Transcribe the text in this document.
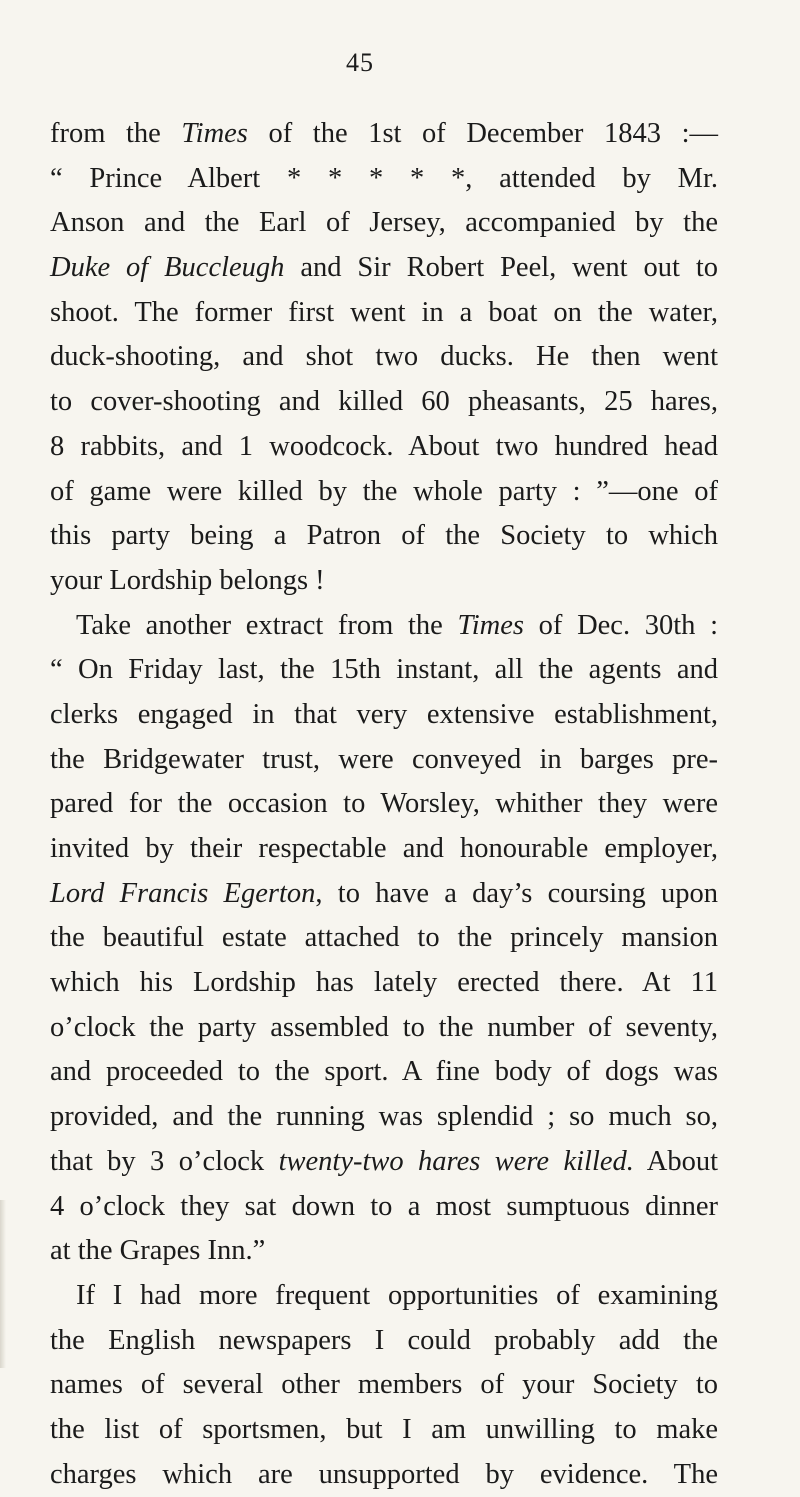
45
from the Times of the 1st of December 1843 :—
“ Prince Albert * * * * *, attended by Mr.
Anson and the Earl of Jersey, accompanied by the
Duke of Buccleugh and Sir Robert Peel, went out to
shoot. The former first went in a boat on the water,
duck-shooting, and shot two ducks. He then went
to cover-shooting and killed 60 pheasants, 25 hares,
8 rabbits, and 1 woodcock. About two hundred head
of game were killed by the whole party : ”—one of
this party being a Patron of the Society to which
your Lordship belongs !
Take another extract from the Times of Dec. 30th :
“ On Friday last, the 15th instant, all the agents and
clerks engaged in that very extensive establishment,
the Bridgewater trust, were conveyed in barges pre-
pared for the occasion to Worsley, whither they were
invited by their respectable and honourable employer,
Lord Francis Egerton, to have a day’s coursing upon
the beautiful estate attached to the princely mansion
which his Lordship has lately erected there. At 11
o’clock the party assembled to the number of seventy,
and proceeded to the sport. A fine body of dogs was
provided, and the running was splendid ; so much so,
that by 3 o’clock twenty-two hares were killed. About
4 o’clock they sat down to a most sumptuous dinner
at the Grapes Inn.”
If I had more frequent opportunities of examining
the English newspapers I could probably add the
names of several other members of your Society to
the list of sportsmen, but I am unwilling to make
charges which are unsupported by evidence. The
